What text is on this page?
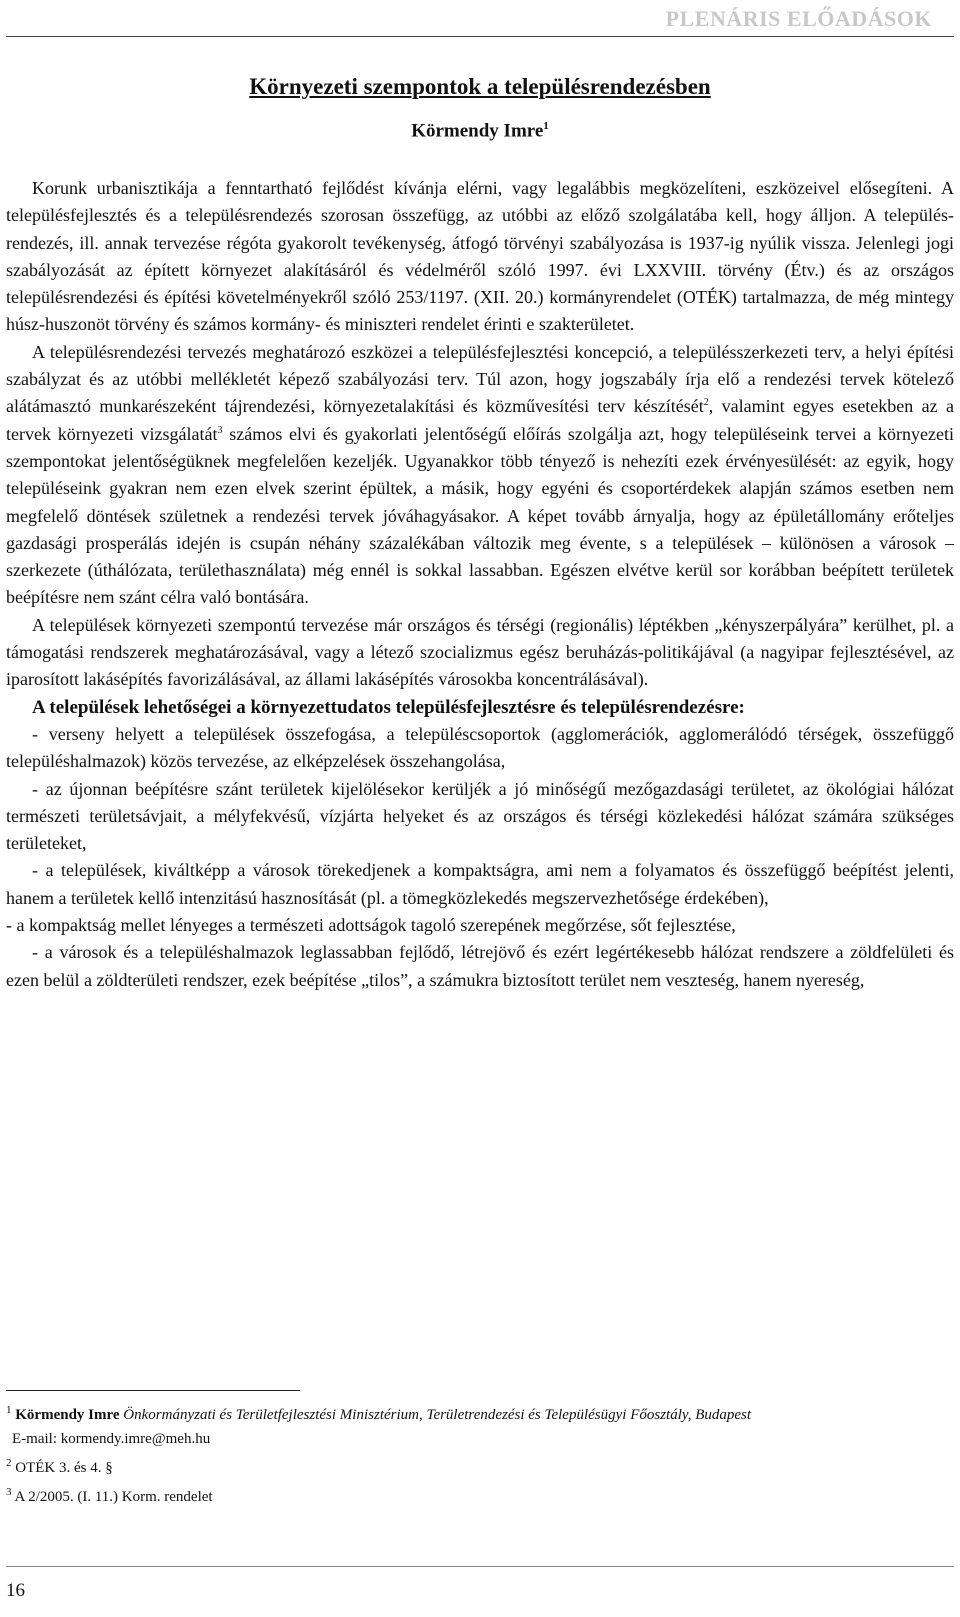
PLENÁRIS ELŐADÁSOK
Környezeti szempontok a településrendezésben
Körmendy Imre$^1$

Korunk urbanisztikája a fenntartható fejlődést kívánja elérni, vagy legalábbis megközelíteni, eszközeivel elősegíteni. A településfejlesztés és a településrendezés szorosan összefügg, az utóbbi az előző szolgálatába kell, hogy álljon. A település-rendezés, ill. annak tervezése régóta gyakorolt tevékenység, átfogó törvényi szabályozása is 1937-ig nyúlik vissza. Jelenlegi jogi szabályozását az épített környezet alakításáról és védelméről szóló 1997. évi LXXVIII. törvény (Étv.) és az országos településrendezési és építési követelményekről szóló 253/1197. (XII. 20.) kormányrendelet (OTÉK) tartalmazza, de még mintegy húsz-huszonöt törvény és számos kormány- és miniszteri rendelet érinti e szakterületet.

A településrendezési tervezés meghatározó eszközei a településfejlesztési koncepció, a településszerkezeti terv, a helyi építési szabályzat és az utóbbi mellékletét képező szabályozási terv. Túl azon, hogy jogszabály írja elő a rendezési tervek kötelező alátámasztó munkarészeként tájrendezési, környezetalakítási és közművesítési terv készítését$^2$, valamint egyes esetekben az a tervek környezeti vizsgálatát$^3$ számos elvi és gyakorlati jelentőségű előírás szolgálja azt, hogy településeink tervei a környezeti szempontokat jelentőségüknek megfelelően kezeljék. Ugyanakkor több tényező is nehezíti ezek érvényesülését: az egyik, hogy településeink gyakran nem ezen elvek szerint épültek, a másik, hogy egyéni és csoportérdekek alapján számos esetben nem megfelelő döntések születnek a rendezési tervek jóváhagyásakor. A képet tovább árnyalja, hogy az épületállomány erőteljes gazdasági prosperálás idején is csupán néhány százalékában változik meg évente, s a települések – különösen a városok – szerkezete (úthálózata, területhasználata) még ennél is sokkal lassabban. Egészen elvétve kerül sor korábban beépített területek beépítésre nem szánt célra való bontására.

A települések környezeti szempontú tervezése már országos és térségi (regionális) léptékben „kényszerpályára” kerülhet, pl. a támogatási rendszerek meghatározásával, vagy a létező szocializmus egész beruházás-politikájával (a nagyipar fejlesztésével, az iparosított lakásépítés favorizálásával, az állami lakásépítés városokba koncentrálásával).

A települések lehetőségei a környezettudatos településfejlesztésre és településrendezésre:

- verseny helyett a települések összefogása, a településcsoportok (agglomerációk, agglomerálódó térségek, összefüggő településhalmazok) közös tervezése, az elképzelések összehangolása,

- az újonnan beépítésre szánt területek kijelölésekor kerüljék a jó minőségű mezőgazdasági területet, az ökológiai hálózat természeti területsávjait, a mélyfekvésű, vízjárta helyeket és az országos és térségi közlekedési hálózat számára szükséges területeket,

- a települések, kiváltképp a városok törekedjenek a kompaktságra, ami nem a folyamatos és összefüggő beépítést jelenti, hanem a területek kellő intenzitású hasznosítását (pl. a tömegközlekedés megszervezhetősége érdekében),

- a kompaktság mellet lényeges a természeti adottságok tagoló szerepének megőrzése, sőt fejlesztése,

- a városok és a településhalmazok leglassabban fejlődő, létrejövő és ezért legértékesebb hálózat rendszere a zöldfelületi és ezen belül a zöldterületi rendszer, ezek beépítése „tilos”, a számukra biztosított terület nem veszteség, hanem nyereség,

$^1$ Körmendy Imre Önkormányzati és Területfejlesztési Minisztérium, Területrendezési és Településügyi Főosztály, Budapest
E-mail: kormendy.imre@meh.hu
$^2$ OTÉK 3. és 4. §
$^3$ A 2/2005. (I. 11.) Korm. rendelet
16
